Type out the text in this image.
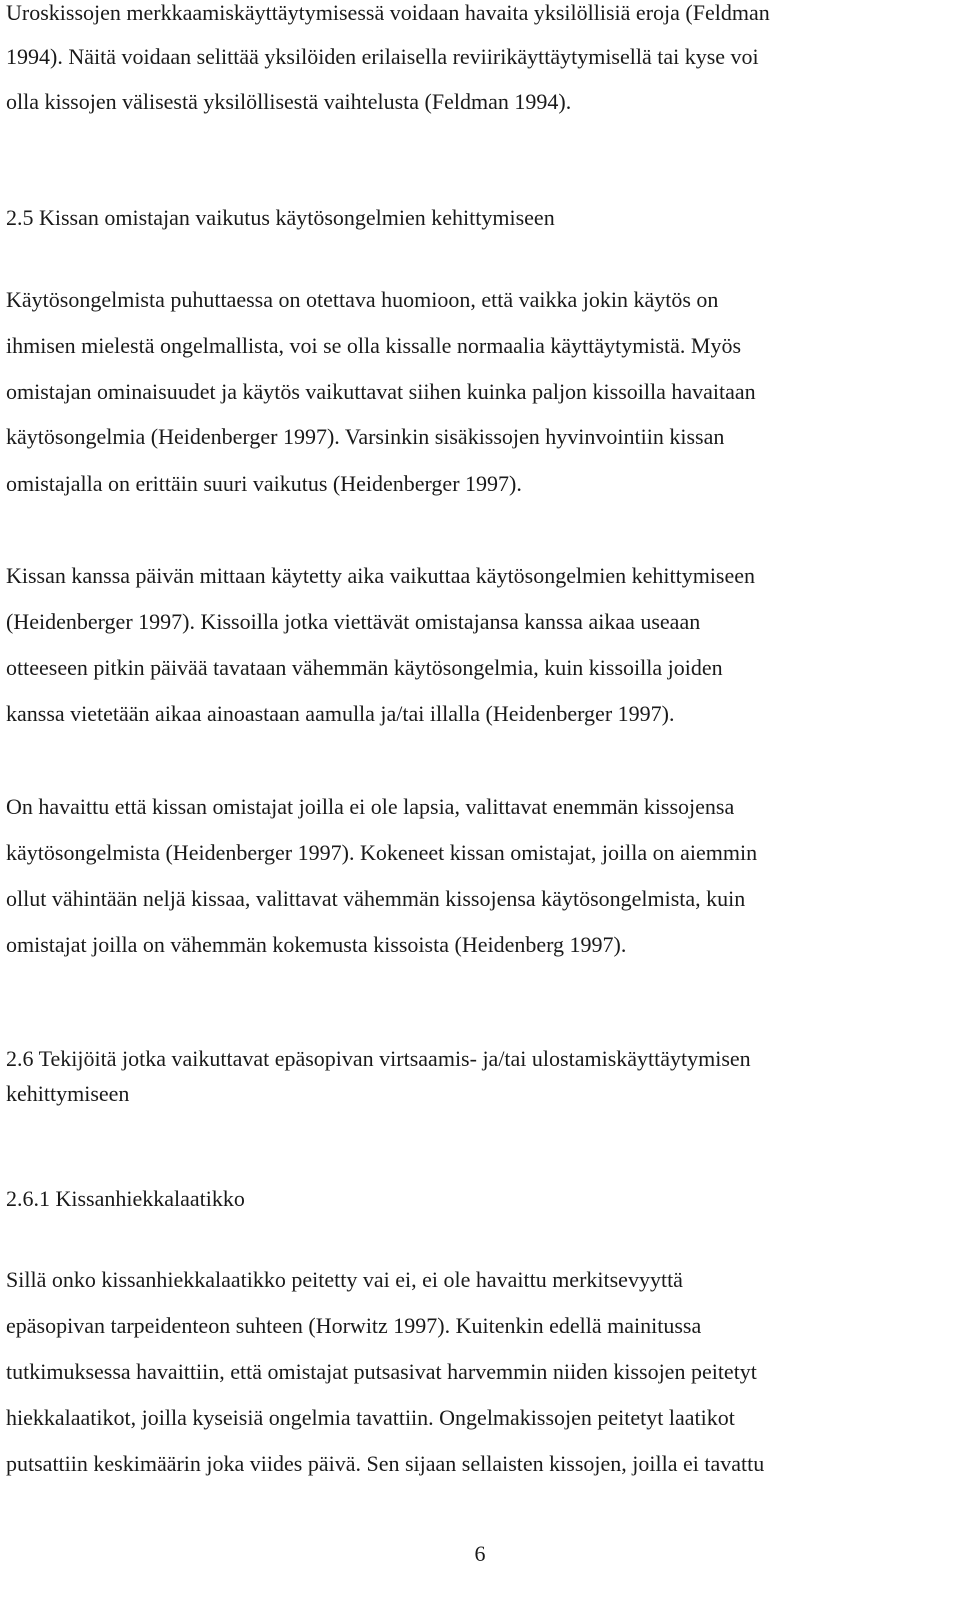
Uroskissojen merkkaamiskäyttäytymisessä voidaan havaita yksilöllisiä eroja (Feldman
1994). Näitä voidaan selittää yksilöiden erilaisella reviirikäyttäytymisellä tai kyse voi
olla kissojen välisestä yksilöllisestä vaihtelusta (Feldman 1994).
2.5 Kissan omistajan vaikutus käytösongelmien kehittymiseen
Käytösongelmista puhuttaessa on otettava huomioon, että vaikka jokin käytös on
ihmisen mielestä ongelmallista, voi se olla kissalle normaalia käyttäytymistä. Myös
omistajan ominaisuudet ja käytös vaikuttavat siihen kuinka paljon kissoilla havaitaan
käytösongelmia (Heidenberger 1997). Varsinkin sisäkissojen hyvinvointiin kissan
omistajalla on erittäin suuri vaikutus (Heidenberger 1997).
Kissan kanssa päivän mittaan käytetty aika vaikuttaa käytösongelmien kehittymiseen
(Heidenberger 1997). Kissoilla jotka viettävät omistajansa kanssa aikaa useaan
otteeseen pitkin päivää tavataan vähemmän käytösongelmia, kuin kissoilla joiden
kanssa vietetään aikaa ainoastaan aamulla ja/tai illalla (Heidenberger 1997).
On havaittu että kissan omistajat joilla ei ole lapsia, valittavat enemmän kissojensa
käytösongelmista (Heidenberger 1997). Kokeneet kissan omistajat, joilla on aiemmin
ollut vähintään neljä kissaa, valittavat vähemmän kissojensa käytösongelmista, kuin
omistajat joilla on vähemmän kokemusta kissoista (Heidenberg 1997).
2.6 Tekijöitä jotka vaikuttavat epäsopivan virtsaamis- ja/tai ulostamiskäyttäytymisen
kehittymiseen
2.6.1 Kissanhiekkalaatikko
Sillä onko kissanhiekkalaatikko peitetty vai ei, ei ole havaittu merkitsevyyttä
epäsopivan tarpeidenteon suhteen (Horwitz 1997). Kuitenkin edellä mainitussa
tutkimuksessa havaittiin, että omistajat putsasivat harvemmin niiden kissojen peitetyt
hiekkalaatikot, joilla kyseisiä ongelmia tavattiin. Ongelmakissojen peitetyt laatikot
putsattiin keskimäärin joka viides päivä. Sen sijaan sellaisten kissojen, joilla ei tavattu
6
